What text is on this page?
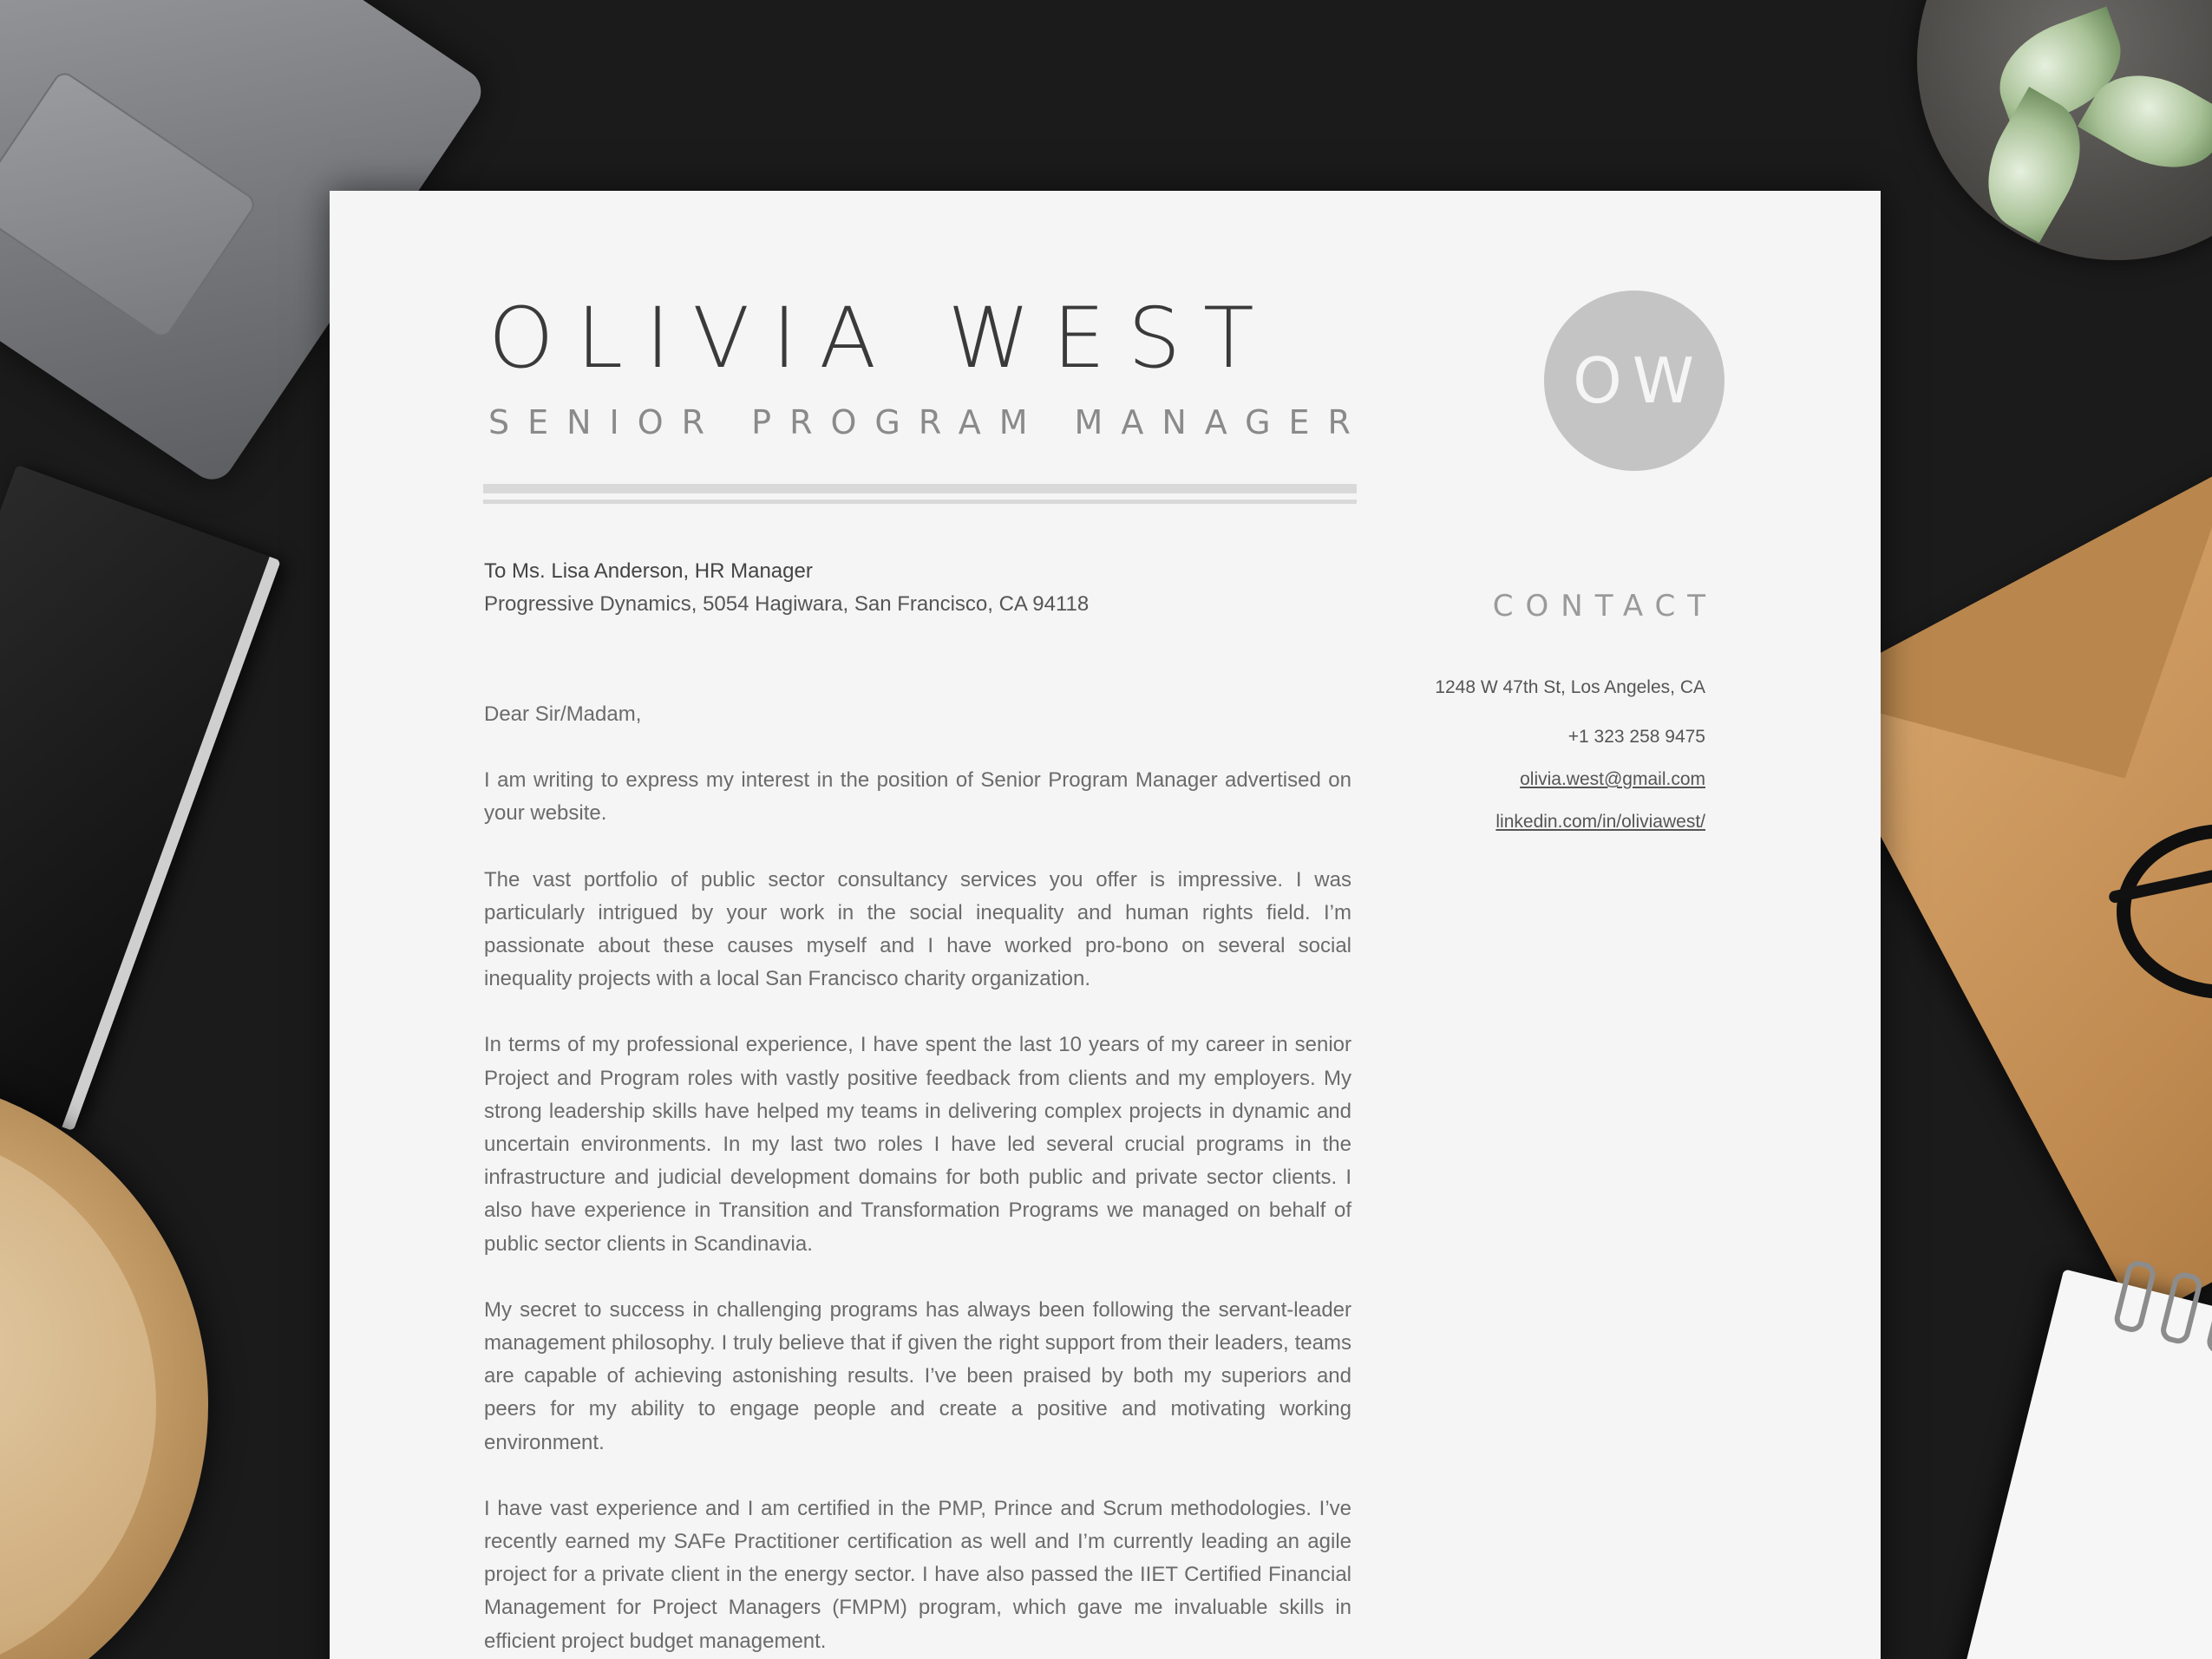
OLIVIA WEST
SENIOR PROGRAM MANAGER
OW
To Ms. Lisa Anderson, HR Manager
Progressive Dynamics, 5054 Hagiwara, San Francisco, CA 94118
Dear Sir/Madam,

I am writing to express my interest in the position of Senior Program Manager advertised on your website.

The vast portfolio of public sector consultancy services you offer is impressive. I was particularly intrigued by your work in the social inequality and human rights field. I’m passionate about these causes myself and I have worked pro-bono on several social inequality projects with a local San Francisco charity organization.

In terms of my professional experience, I have spent the last 10 years of my career in senior Project and Program roles with vastly positive feedback from clients and my employers. My strong leadership skills have helped my teams in delivering complex projects in dynamic and uncertain environments. In my last two roles I have led several crucial programs in the infrastructure and judicial development domains for both public and private sector clients. I also have experience in Transition and Transformation Programs we managed on behalf of public sector clients in Scandinavia.

My secret to success in challenging programs has always been following the servant-leader management philosophy. I truly believe that if given the right support from their leaders, teams are capable of achieving astonishing results. I’ve been praised by both my superiors and peers for my ability to engage people and create a positive and motivating working environment.

I have vast experience and I am certified in the PMP, Prince and Scrum methodologies. I’ve recently earned my SAFe Practitioner certification as well and I’m currently leading an agile project for a private client in the energy sector. I have also passed the IIET Certified Financial Management for Project Managers (FMPM) program, which gave me invaluable skills in efficient project budget management.

CONTACT
1248 W 47th St, Los Angeles, CA
+1 323 258 9475
olivia.west@gmail.com
linkedin.com/in/oliviawest/
